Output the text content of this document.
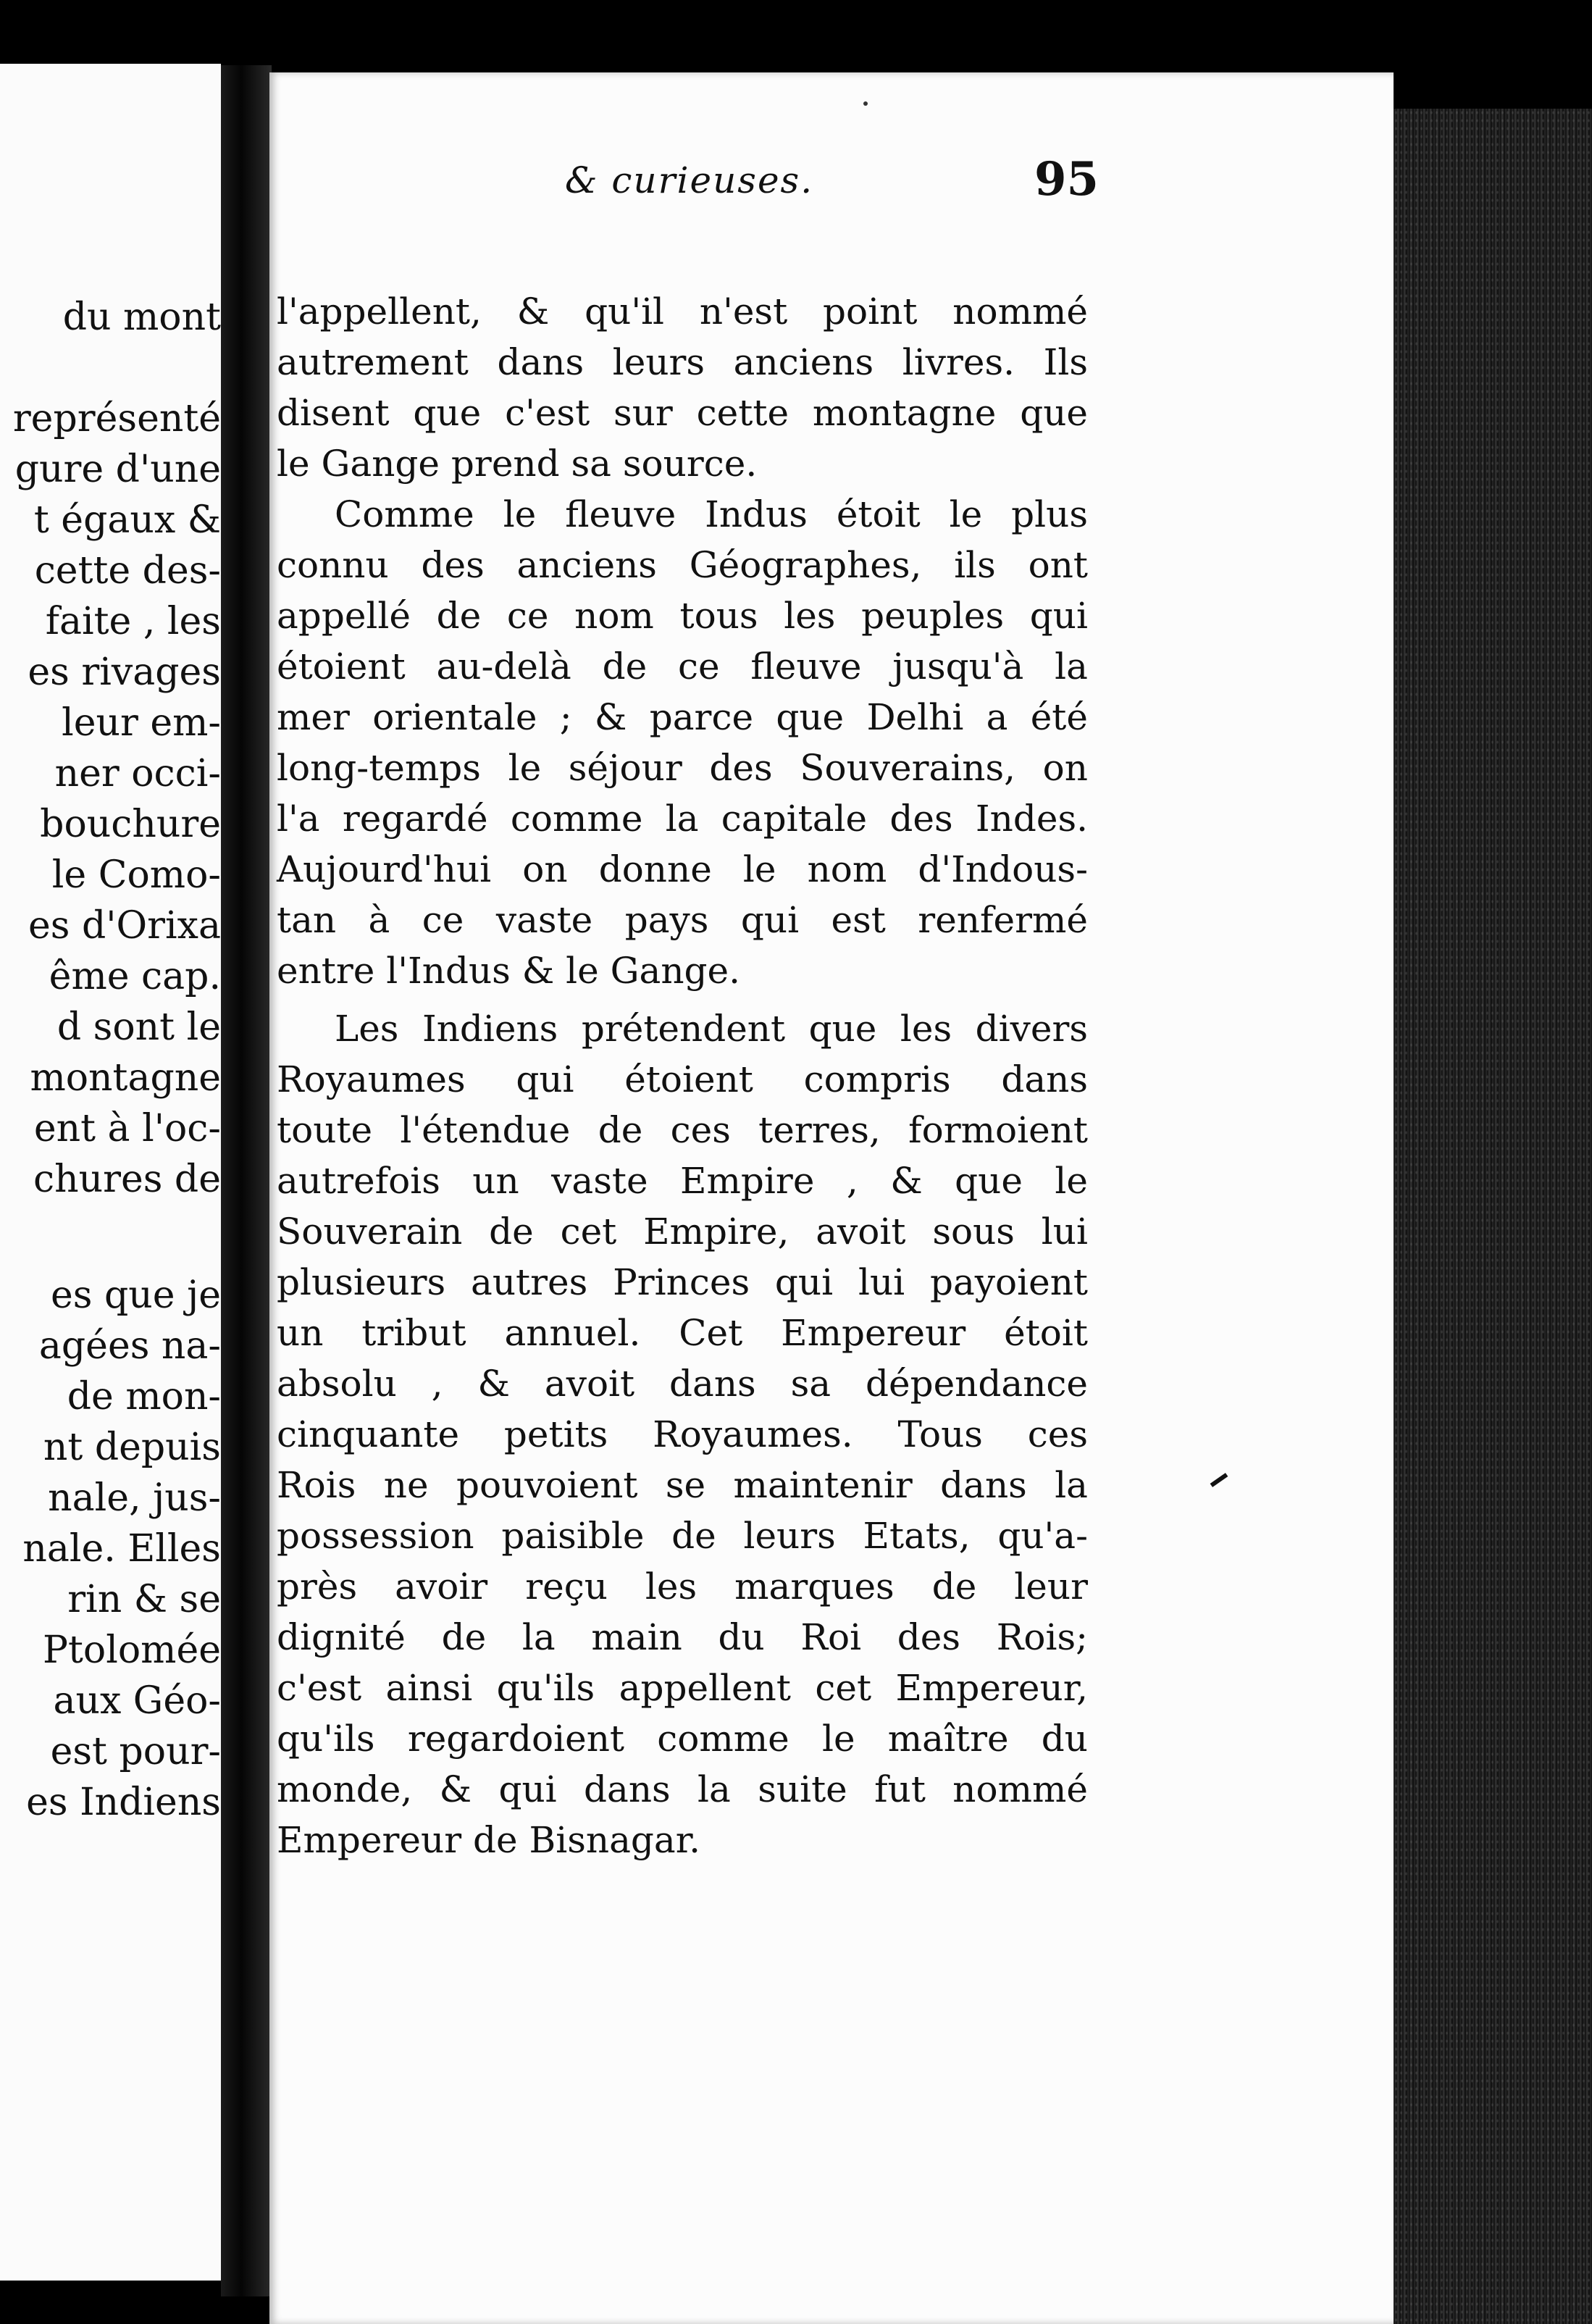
du mont
représenté
gure d'une
t égaux &
cette des-
faite , les
es rivages
leur em-
ner occi-
bouchure
le Como-
es d'Orixa
ême cap.
d sont le
montagne
ent à l'oc-
chures de
es que je
agées na-
de mon-
nt depuis
nale, jus-
nale. Elles
rin & se
Ptolomée
aux Géo-
est pour-
es Indiens
& curieuses.	95
l'appellent, & qu'il n'est point nommé
autrement dans leurs anciens livres. Ils
disent que c'est sur cette montagne que
le Gange prend sa source.
Comme le fleuve Indus étoit le plus
connu des anciens Géographes, ils ont
appellé de ce nom tous les peuples qui
étoient au-delà de ce fleuve jusqu'à la
mer orientale ; & parce que Delhi a été
long-temps le séjour des Souverains, on
l'a regardé comme la capitale des Indes.
Aujourd'hui on donne le nom d'Indous-
tan à ce vaste pays qui est renfermé
entre l'Indus & le Gange.
Les Indiens prétendent que les divers
Royaumes qui étoient compris dans
toute l'étendue de ces terres, formoient
autrefois un vaste Empire , & que le
Souverain de cet Empire, avoit sous lui
plusieurs autres Princes qui lui payoient
un tribut annuel. Cet Empereur étoit
absolu , & avoit dans sa dépendance
cinquante petits Royaumes. Tous ces
Rois ne pouvoient se maintenir dans la
possession paisible de leurs Etats, qu'a-
près avoir reçu les marques de leur
dignité de la main du Roi des Rois;
c'est ainsi qu'ils appellent cet Empereur,
qu'ils regardoient comme le maître du
monde, & qui dans la suite fut nommé
Empereur de Bisnagar.
